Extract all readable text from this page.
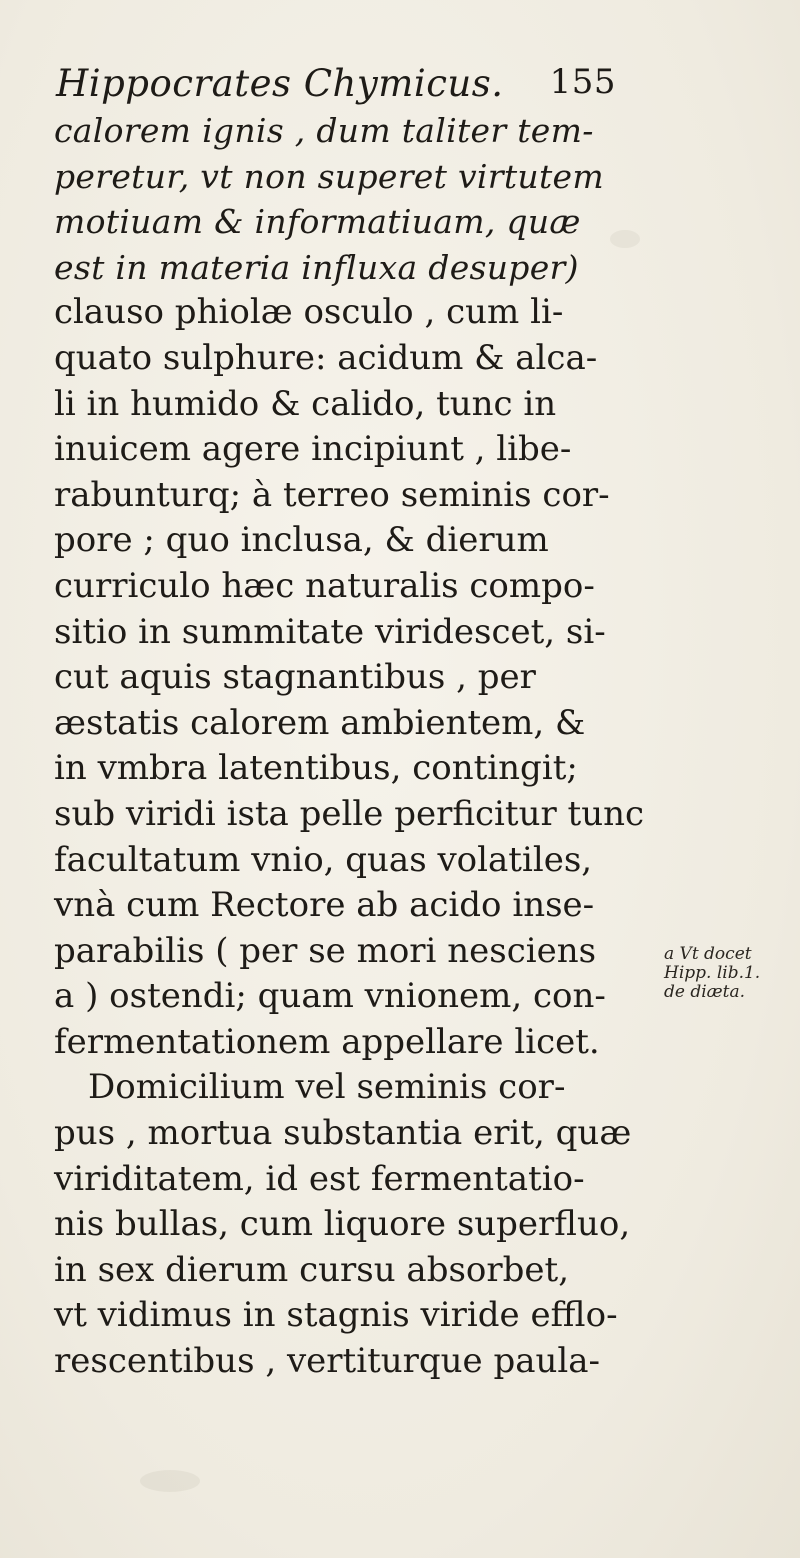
Hippocrates Chymicus. 155
calorem ignis , dum taliter tem-
peretur, vt non superet virtutem
motiuam & informatiuam, quæ
est in materia influxa desuper)
clauso phiolæ osculo , cum li-
quato sulphure: acidum & alca-
li in humido & calido, tunc in
inuicem agere incipiunt , libe-
rabunturq; à terreo seminis cor-
pore ; quo inclusa, & dierum
curriculo hæc naturalis compo-
sitio in summitate viridescet, si-
cut aquis stagnantibus , per
æstatis calorem ambientem, &
in vmbra latentibus, contingit;
sub viridi ista pelle perficitur tunc
facultatum vnio, quas volatiles,
vnà cum Rectore ab acido inse-
parabilis ( per se mori nesciens
a ) ostendi; quam vnionem, con-
fermentationem appellare licet.
Domicilium vel seminis cor-
pus , mortua substantia erit, quæ
viriditatem, id est fermentatio-
nis bullas, cum liquore superfluo,
in sex dierum cursu absorbet,
vt vidimus in stagnis viride efflo-
rescentibus , vertiturque paula-
a Vt docet
Hipp. lib.1.
de diæta.
